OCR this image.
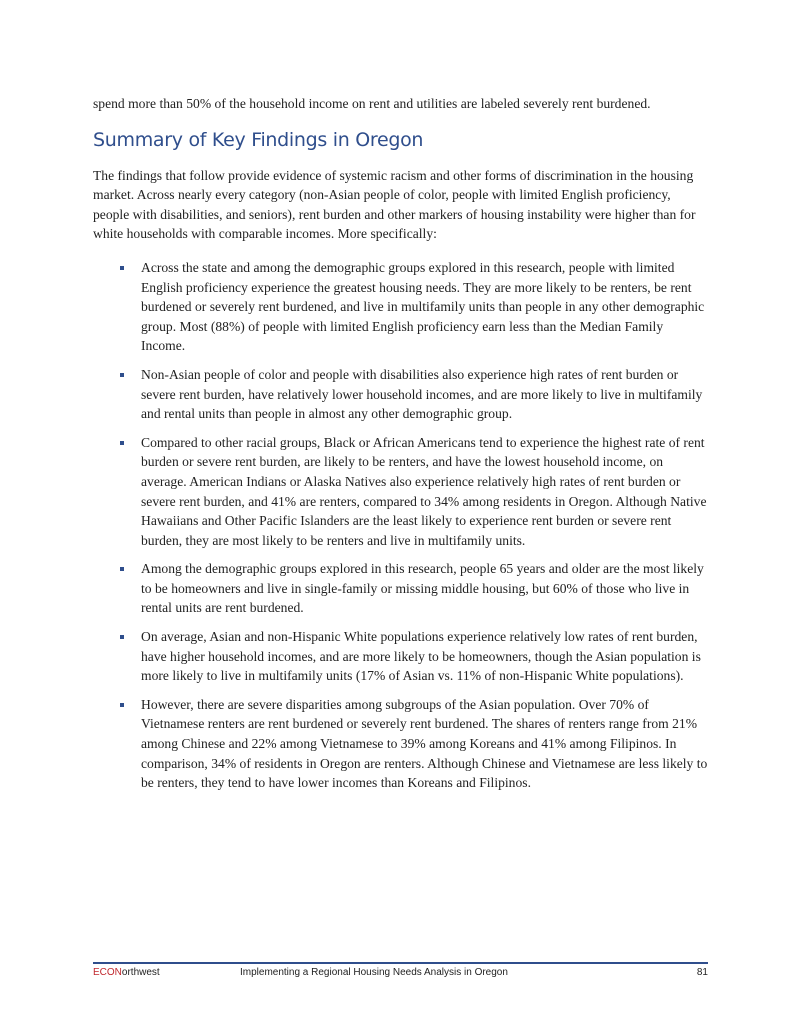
spend more than 50% of the household income on rent and utilities are labeled severely rent burdened.

Summary of Key Findings in Oregon

The findings that follow provide evidence of systemic racism and other forms of discrimination in the housing market. Across nearly every category (non-Asian people of color, people with limited English proficiency, people with disabilities, and seniors), rent burden and other markers of housing instability were higher than for white households with comparable incomes. More specifically:

Across the state and among the demographic groups explored in this research, people with limited English proficiency experience the greatest housing needs. They are more likely to be renters, be rent burdened or severely rent burdened, and live in multifamily units than people in any other demographic group. Most (88%) of people with limited English proficiency earn less than the Median Family Income.
Non-Asian people of color and people with disabilities also experience high rates of rent burden or severe rent burden, have relatively lower household incomes, and are more likely to live in multifamily and rental units than people in almost any other demographic group.
Compared to other racial groups, Black or African Americans tend to experience the highest rate of rent burden or severe rent burden, are likely to be renters, and have the lowest household income, on average. American Indians or Alaska Natives also experience relatively high rates of rent burden or severe rent burden, and 41% are renters, compared to 34% among residents in Oregon. Although Native Hawaiians and Other Pacific Islanders are the least likely to experience rent burden or severe rent burden, they are most likely to be renters and live in multifamily units.
Among the demographic groups explored in this research, people 65 years and older are the most likely to be homeowners and live in single-family or missing middle housing, but 60% of those who live in rental units are rent burdened.
On average, Asian and non-Hispanic White populations experience relatively low rates of rent burden, have higher household incomes, and are more likely to be homeowners, though the Asian population is more likely to live in multifamily units (17% of Asian vs. 11% of non-Hispanic White populations).
However, there are severe disparities among subgroups of the Asian population. Over 70% of Vietnamese renters are rent burdened or severely rent burdened. The shares of renters range from 21% among Chinese and 22% among Vietnamese to 39% among Koreans and 41% among Filipinos. In comparison, 34% of residents in Oregon are renters. Although Chinese and Vietnamese are less likely to be renters, they tend to have lower incomes than Koreans and Filipinos.
ECONorthwest	Implementing a Regional Housing Needs Analysis in Oregon	81
